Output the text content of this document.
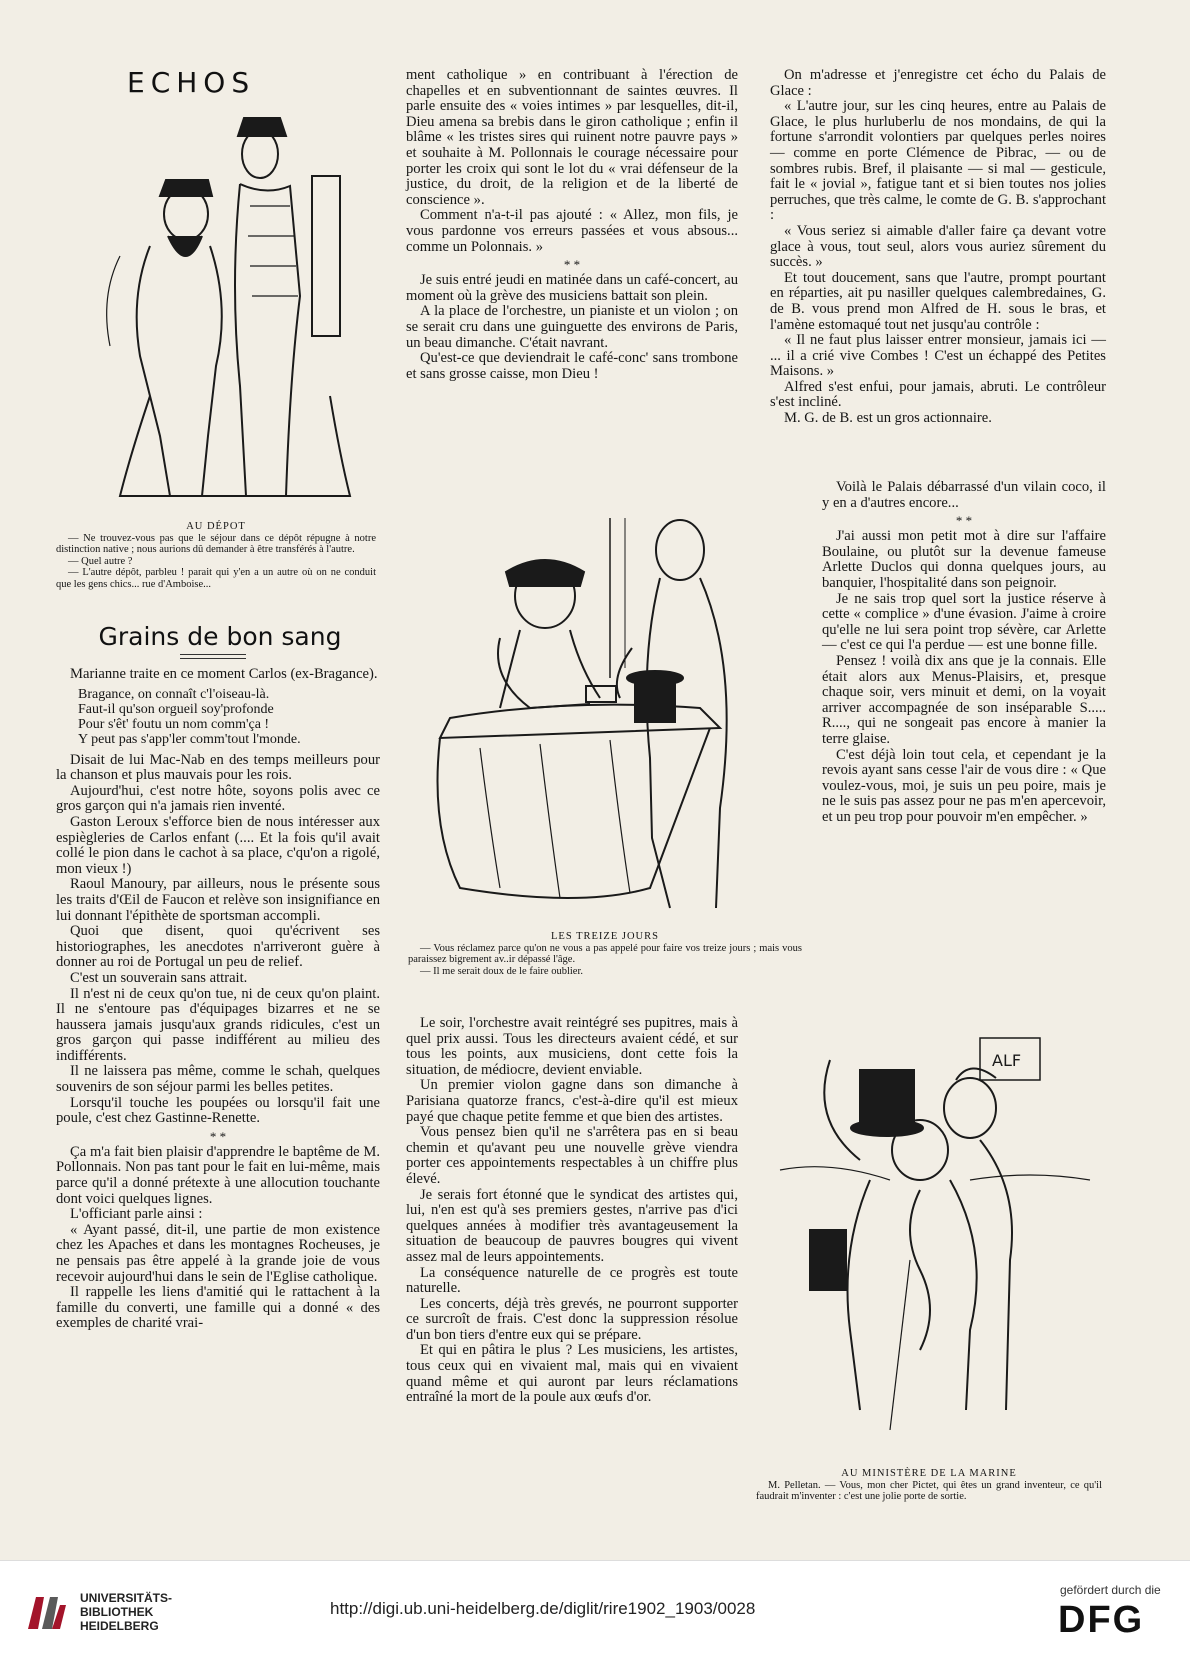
ECHOS
AU DÉPOT

— Ne trouvez-vous pas que le séjour dans ce dépôt répugne à notre distinction native ; nous aurions dû demander à être transférés à l'autre.

— Quel autre ?

— L'autre dépôt, parbleu ! parait qui y'en a un autre où on ne conduit que les gens chics... rue d'Amboise...

Grains de bon sang

Marianne traite en ce moment Carlos (ex-Bragance).

Bragance, on connaît c'l'oiseau-là.
Faut-il qu'son orgueil soy'profonde
Pour s'êt' foutu un nom comm'ça !
Y peut pas s'app'ler comm'tout l'monde.

Disait de lui Mac-Nab en des temps meilleurs pour la chanson et plus mauvais pour les rois.

Aujourd'hui, c'est notre hôte, soyons polis avec ce gros garçon qui n'a jamais rien inventé.

Gaston Leroux s'efforce bien de nous intéresser aux espiègleries de Carlos enfant (.... Et la fois qu'il avait collé le pion dans le cachot à sa place, c'qu'on a rigolé, mon vieux !)

Raoul Manoury, par ailleurs, nous le présente sous les traits d'Œil de Faucon et relève son insignifiance en lui donnant l'épithète de sportsman accompli.

Quoi que disent, quoi qu'écrivent ses historiographes, les anecdotes n'arriveront guère à donner au roi de Portugal un peu de relief.

C'est un souverain sans attrait.

Il n'est ni de ceux qu'on tue, ni de ceux qu'on plaint. Il ne s'entoure pas d'équipages bizarres et ne se haussera jamais jusqu'aux grands ridicules, c'est un gros garçon qui passe indifférent au milieu des indifférents.

Il ne laissera pas même, comme le schah, quelques souvenirs de son séjour parmi les belles petites.

Lorsqu'il touche les poupées ou lorsqu'il fait une poule, c'est chez Gastinne-Renette.

* *

Ça m'a fait bien plaisir d'apprendre le baptême de M. Pollonnais. Non pas tant pour le fait en lui-même, mais parce qu'il a donné prétexte à une allocution touchante dont voici quelques lignes.

L'officiant parle ainsi :

« Ayant passé, dit-il, une partie de mon existence chez les Apaches et dans les montagnes Rocheuses, je ne pensais pas être appelé à la grande joie de vous recevoir aujourd'hui dans le sein de l'Eglise catholique.

Il rappelle les liens d'amitié qui le rattachent à la famille du converti, une famille qui a donné « des exemples de charité vrai-

ment catholique » en contribuant à l'érection de chapelles et en subventionnant de saintes œuvres. Il parle ensuite des « voies intimes » par lesquelles, dit-il, Dieu amena sa brebis dans le giron catholique ; enfin il blâme « les tristes sires qui ruinent notre pauvre pays » et souhaite à M. Pollonnais le courage nécessaire pour porter les croix qui sont le lot du « vrai défenseur de la justice, du droit, de la religion et de la liberté de conscience ».

Comment n'a-t-il pas ajouté : « Allez, mon fils, je vous pardonne vos erreurs passées et vous absous... comme un Polonnais. »

* *

Je suis entré jeudi en matinée dans un café-concert, au moment où la grève des musiciens battait son plein.

A la place de l'orchestre, un pianiste et un violon ; on se serait cru dans une guinguette des environs de Paris, un beau dimanche. C'était navrant.

Qu'est-ce que deviendrait le café-conc' sans trombone et sans grosse caisse, mon Dieu !

LES TREIZE JOURS

— Vous réclamez parce qu'on ne vous a pas appelé pour faire vos treize jours ; mais vous paraissez bigrement av..ir dépassé l'âge.

— Il me serait doux de le faire oublier.

Le soir, l'orchestre avait reintégré ses pupitres, mais à quel prix aussi. Tous les directeurs avaient cédé, et sur tous les points, aux musiciens, dont cette fois la situation, de médiocre, devient enviable.

Un premier violon gagne dans son dimanche à Parisiana quatorze francs, c'est-à-dire qu'il est mieux payé que chaque petite femme et que bien des artistes.

Vous pensez bien qu'il ne s'arrêtera pas en si beau chemin et qu'avant peu une nouvelle grève viendra porter ces appointements respectables à un chiffre plus élevé.

Je serais fort étonné que le syndicat des artistes qui, lui, n'en est qu'à ses premiers gestes, n'arrive pas d'ici quelques années à modifier très avantageusement la situation de beaucoup de pauvres bougres qui vivent assez mal de leurs appointements.

La conséquence naturelle de ce progrès est toute naturelle.

Les concerts, déjà très grevés, ne pourront supporter ce surcroît de frais. C'est donc la suppression résolue d'un bon tiers d'entre eux qui se prépare.

Et qui en pâtira le plus ? Les musiciens, les artistes, tous ceux qui en vivaient mal, mais qui en vivaient quand même et qui auront par leurs réclamations entraîné la mort de la poule aux œufs d'or.

On m'adresse et j'enregistre cet écho du Palais de Glace :

« L'autre jour, sur les cinq heures, entre au Palais de Glace, le plus hurluberlu de nos mondains, de qui la fortune s'arrondit volontiers par quelques perles noires — comme en porte Clémence de Pibrac, — ou de sombres rubis. Bref, il plaisante — si mal — gesticule, fait le « jovial », fatigue tant et si bien toutes nos jolies perruches, que très calme, le comte de G. B. s'approchant :

« Vous seriez si aimable d'aller faire ça devant votre glace à vous, tout seul, alors vous auriez sûrement du succès. »

Et tout doucement, sans que l'autre, prompt pourtant en réparties, ait pu nasiller quelques calembredaines, G. de B. vous prend mon Alfred de H. sous le bras, et l'amène estomaqué tout net jusqu'au contrôle :

« Il ne faut plus laisser entrer monsieur, jamais ici — ... il a crié vive Combes ! C'est un échappé des Petites Maisons. »

Alfred s'est enfui, pour jamais, abruti. Le contrôleur s'est incliné.

M. G. de B. est un gros actionnaire.

Voilà le Palais débarrassé d'un vilain coco, il y en a d'autres encore...

* *

J'ai aussi mon petit mot à dire sur l'affaire Boulaine, ou plutôt sur la devenue fameuse Arlette Duclos qui donna quelques jours, au banquier, l'hospitalité dans son peignoir.

Je ne sais trop quel sort la justice réserve à cette « complice » d'une évasion. J'aime à croire qu'elle ne lui sera point trop sévère, car Arlette — c'est ce qui l'a perdue — est une bonne fille.

Pensez ! voilà dix ans que je la connais. Elle était alors aux Menus-Plaisirs, et, presque chaque soir, vers minuit et demi, on la voyait arriver accompagnée de son inséparable S..... R...., qui ne songeait pas encore à manier la terre glaise.

C'est déjà loin tout cela, et cependant je la revois ayant sans cesse l'air de vous dire : « Que voulez-vous, moi, je suis un peu poire, mais je ne le suis pas assez pour ne pas m'en apercevoir, et un peu trop pour pouvoir m'en empêcher. »

ALF
AU MINISTÈRE DE LA MARINE

M. Pelletan. — Vous, mon cher Pictet, qui êtes un grand inventeur, ce qu'il faudrait m'inventer : c'est une jolie porte de sortie.

UNIVERSITÄTS-
BIBLIOTHEK
HEIDELBERG
http://digi.ub.uni-heidelberg.de/diglit/rire1902_1903/0028
gefördert durch die
DFG
